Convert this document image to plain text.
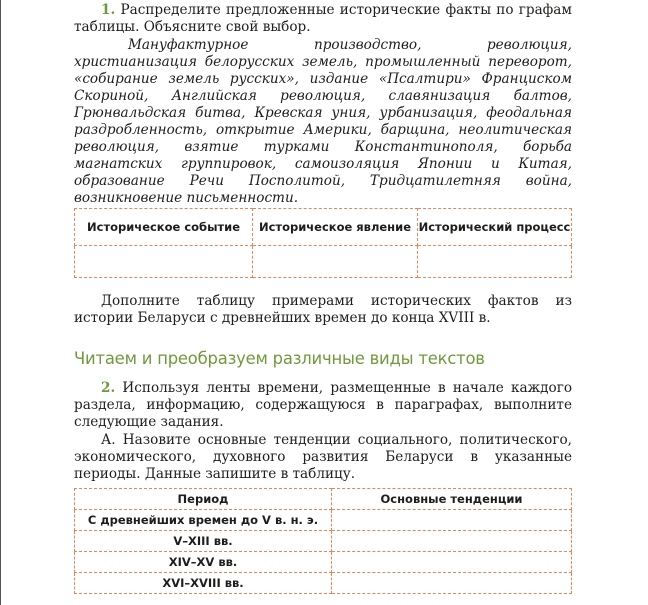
1. Распределите предложенные исторические факты по графам таблицы. Объясните свой выбор.

Мануфактурное производство, революция, христианизация белорусских земель, промышленный переворот, «собирание земель русских», издание «Псалтири» Франциском Скориной, Английская революция, славянизация балтов, Грюнвальдская битва, Кревская уния, урбанизация, феодальная раздробленность, открытие Америки, барщина, неолитическая революция, взятие турками Константинополя, борьба магнатских группировок, самоизоляция Японии и Китая, образование Речи Посполитой, Тридцатилетняя война, возникновение письменности.

Историческое событие	Историческое явление	Исторический процесс

Дополните таблицу примерами исторических фактов из истории Беларуси с древнейших времен до конца XVIII в.

Читаем и преобразуем различные виды текстов

2. Используя ленты времени, размещенные в начале каждого раздела, информацию, содержащуюся в параграфах, выполните следующие задания.

А. Назовите основные тенденции социального, политического, экономического, духовного развития Беларуси в указанные периоды. Данные запишите в таблицу.

Период	Основные тенденции
С древнейших времен до V в. н. э.	
V–XIII вв.	
XIV–XV вв.	
XVI–XVIII вв.	
